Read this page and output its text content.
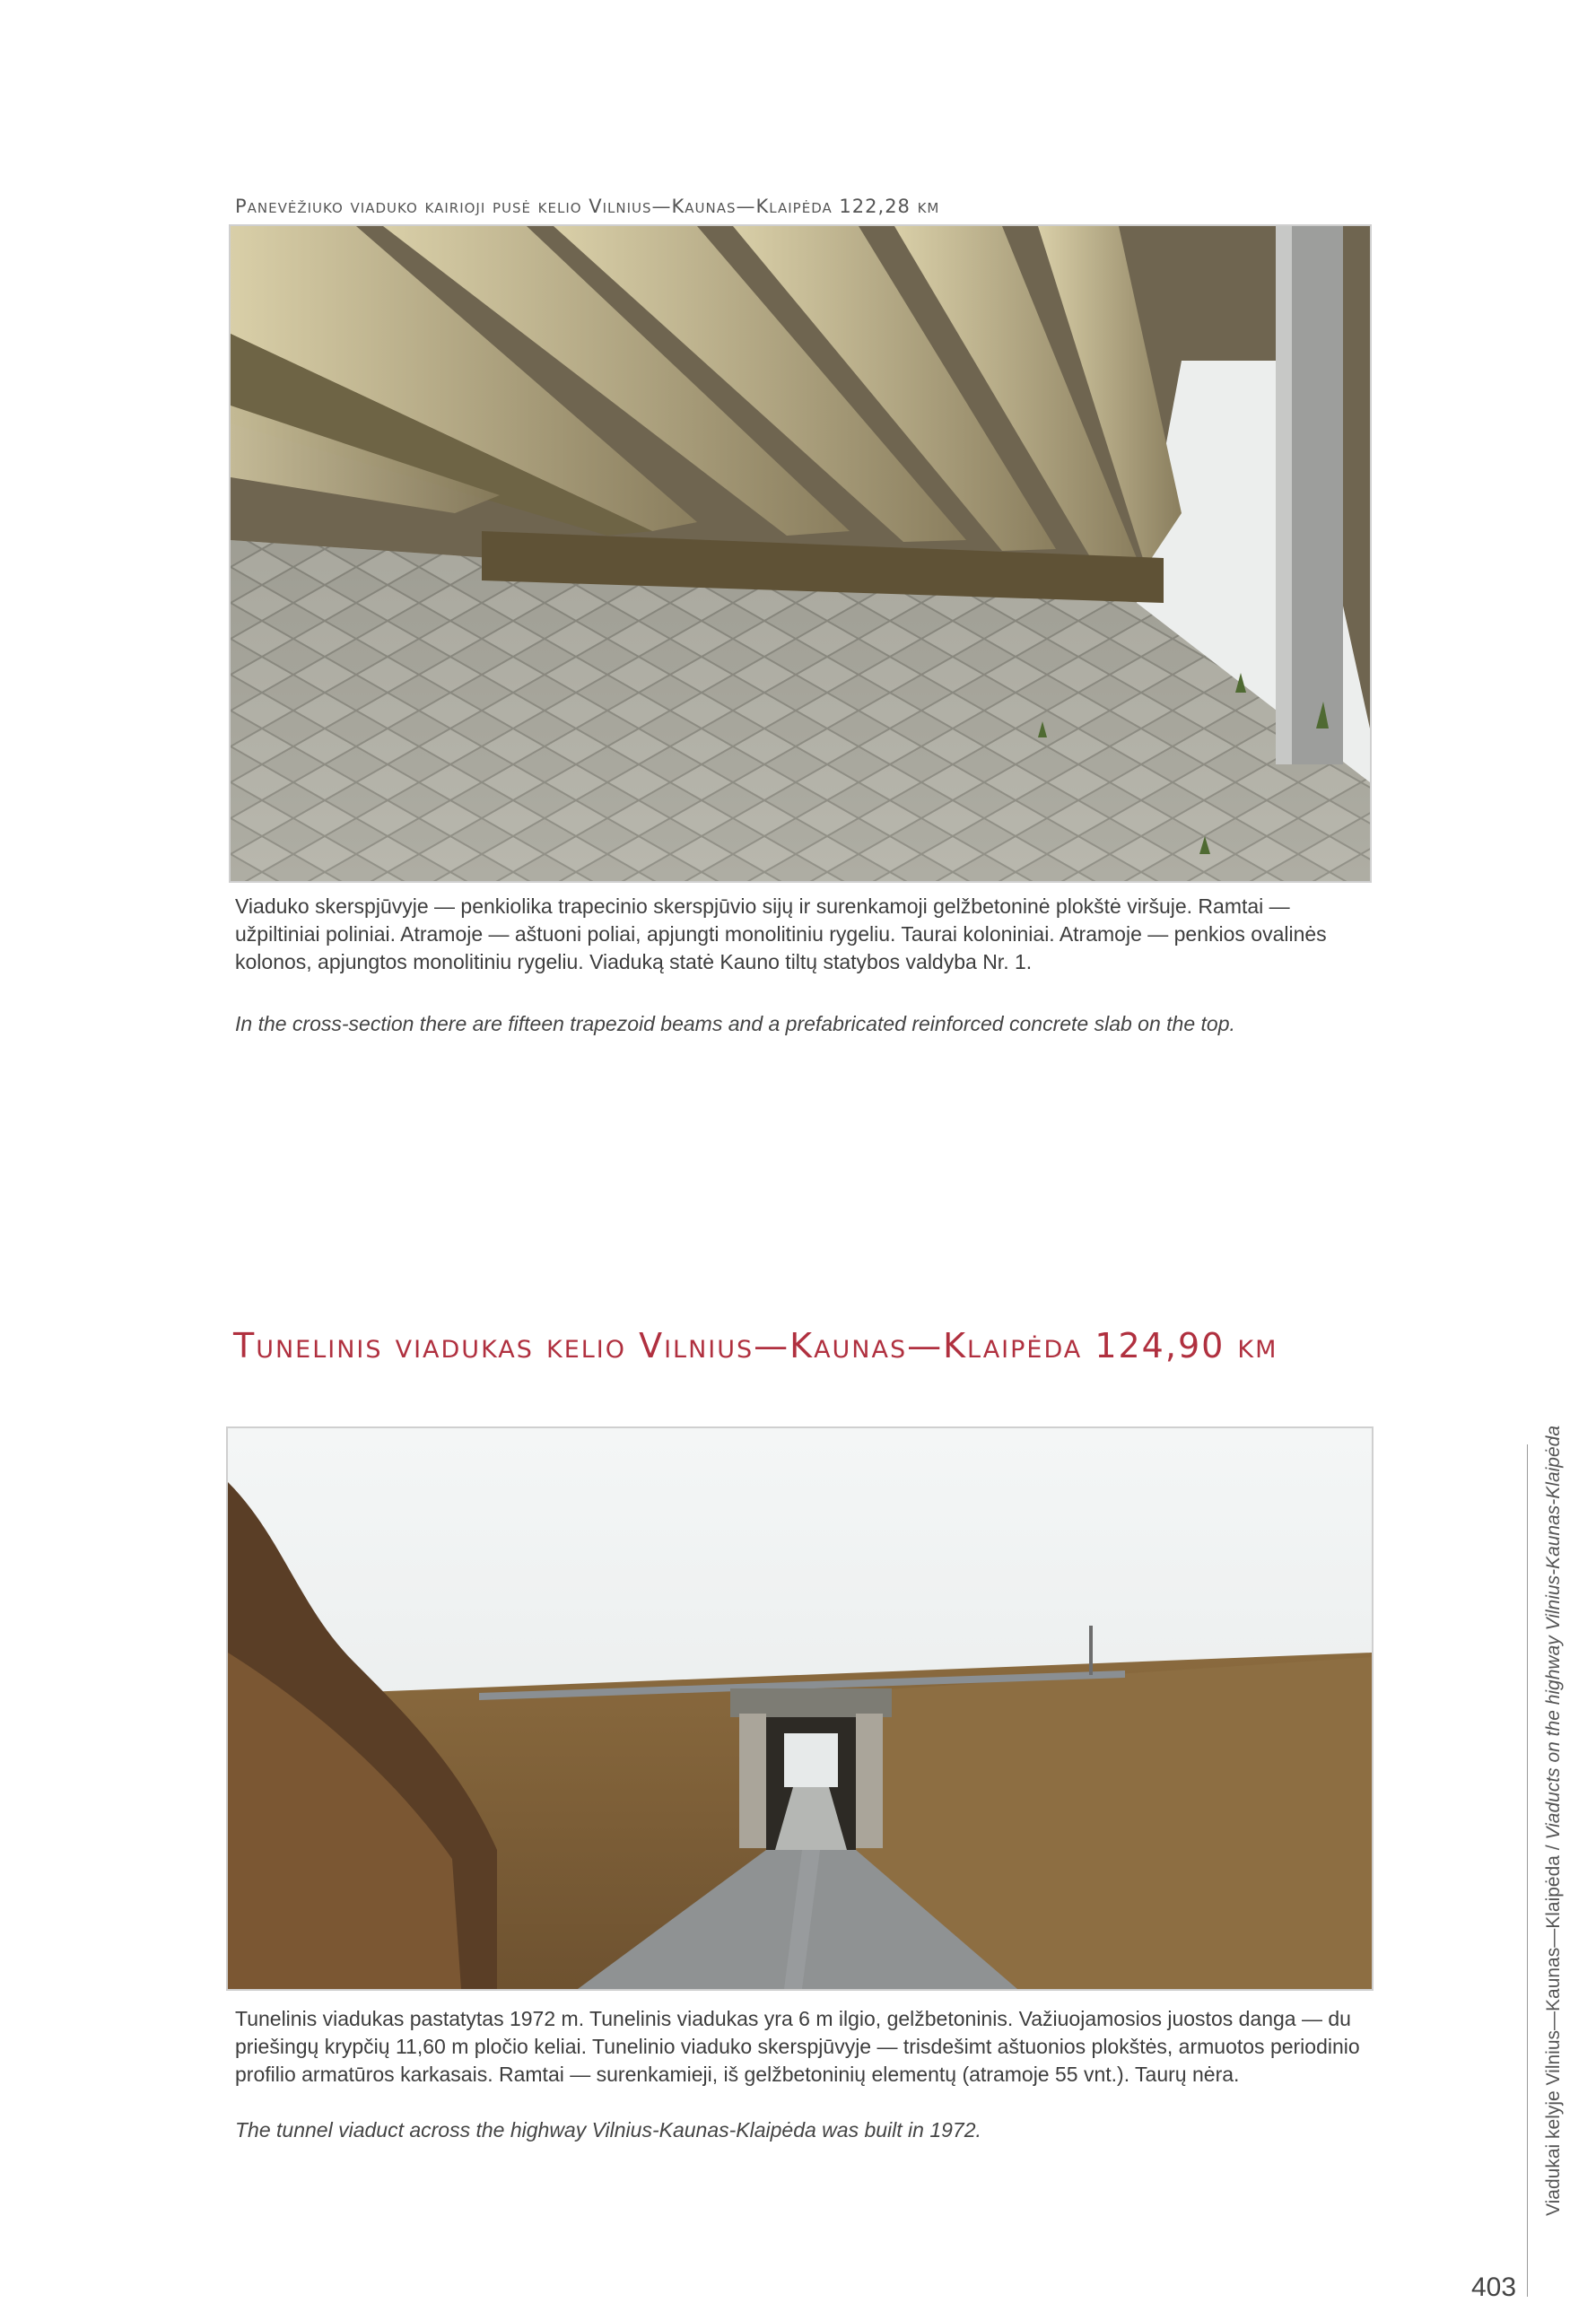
Panevėžiuko viaduko kairioji pusė kelio Vilnius—Kaunas—Klaipėda 122,28 km
Viaduko skerspjūvyje — penkiolika trapecinio skerspjūvio sijų ir surenkamoji gelžbetoninė plokštė viršuje. Ramtai — užpiltiniai poliniai. Atramoje — aštuoni poliai, apjungti monolitiniu rygeliu. Taurai koloniniai. Atramoje — penkios ovalinės kolonos, apjungtos monolitiniu rygeliu. Viaduką statė Kauno tiltų statybos valdyba Nr. 1.
In the cross-section there are fifteen trapezoid beams and a prefabricated reinforced concrete slab on the top.
Tunelinis viadukas kelio Vilnius—Kaunas—Klaipėda 124,90 km
Tunelinis viadukas pastatytas 1972 m. Tunelinis viadukas yra 6 m ilgio, gelžbetoninis. Važiuojamosios juostos danga — du priešingų krypčių 11,60 m pločio keliai. Tunelinio viaduko skerspjūvyje — trisdešimt aštuonios plokštės, armuotos periodinio profilio armatūros karkasais. Ramtai — surenkamieji, iš gelžbetoninių elementų (atramoje 55 vnt.). Taurų nėra.
The tunnel viaduct across the highway Vilnius-Kaunas-Klaipėda was built in 1972.	Viadukai kelyje Vilnius—Kaunas—Klaipėda / Viaducts on the highway Vilnius-Kaunas-Klaipėda
403
